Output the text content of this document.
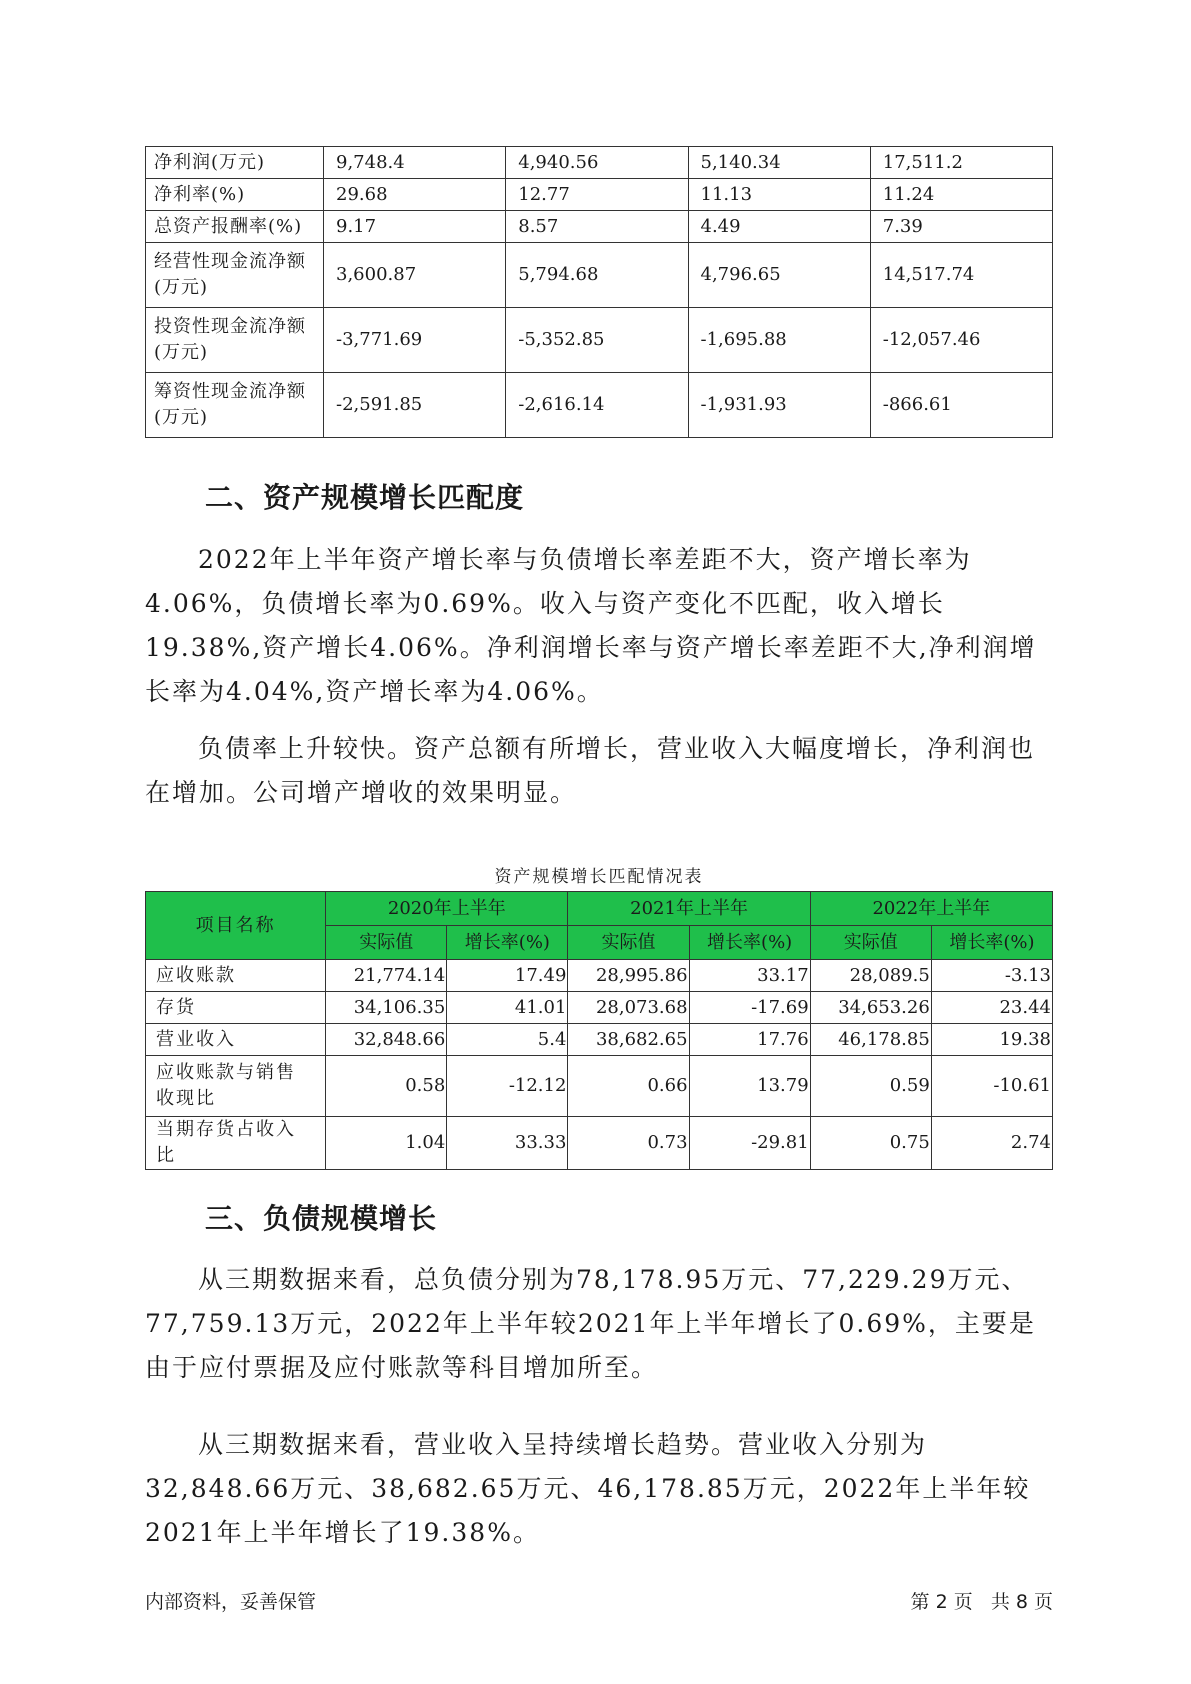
净利润(万元)	9,748.4	4,940.56	5,140.34	17,511.2
净利率(%)	29.68	12.77	11.13	11.24
总资产报酬率(%)	9.17	8.57	4.49	7.39
经营性现金流净额(万元)	3,600.87	5,794.68	4,796.65	14,517.74
投资性现金流净额(万元)	-3,771.69	-5,352.85	-1,695.88	-12,057.46
筹资性现金流净额(万元)	-2,591.85	-2,616.14	-1,931.93	-866.61
二、资产规模增长匹配度

2022年上半年资产增长率与负债增长率差距不大，资产增长率为4.06%，负债增长率为0.69%。收入与资产变化不匹配，收入增长19.38%,资产增长4.06%。净利润增长率与资产增长率差距不大,净利润增长率为4.04%,资产增长率为4.06%。

负债率上升较快。资产总额有所增长，营业收入大幅度增长，净利润也在增加。公司增产增收的效果明显。

资产规模增长匹配情况表
项目名称	2020年上半年		2021年上半年		2022年上半年	
	实际值	增长率(%)	实际值	增长率(%)	实际值	增长率(%)
应收账款	21,774.14	17.49	28,995.86	33.17	28,089.5	-3.13
存货	34,106.35	41.01	28,073.68	-17.69	34,653.26	23.44
营业收入	32,848.66	5.4	38,682.65	17.76	46,178.85	19.38
应收账款与销售收现比	0.58	-12.12	0.66	13.79	0.59	-10.61
当期存货占收入比	1.04	33.33	0.73	-29.81	0.75	2.74
三、负债规模增长

从三期数据来看，总负债分别为78,178.95万元、77,229.29万元、77,759.13万元，2022年上半年较2021年上半年增长了0.69%，主要是由于应付票据及应付账款等科目增加所至。

从三期数据来看，营业收入呈持续增长趋势。营业收入分别为32,848.66万元、38,682.65万元、46,178.85万元，2022年上半年较2021年上半年增长了19.38%。

内部资料，妥善保管	第 2 页   共 8 页
